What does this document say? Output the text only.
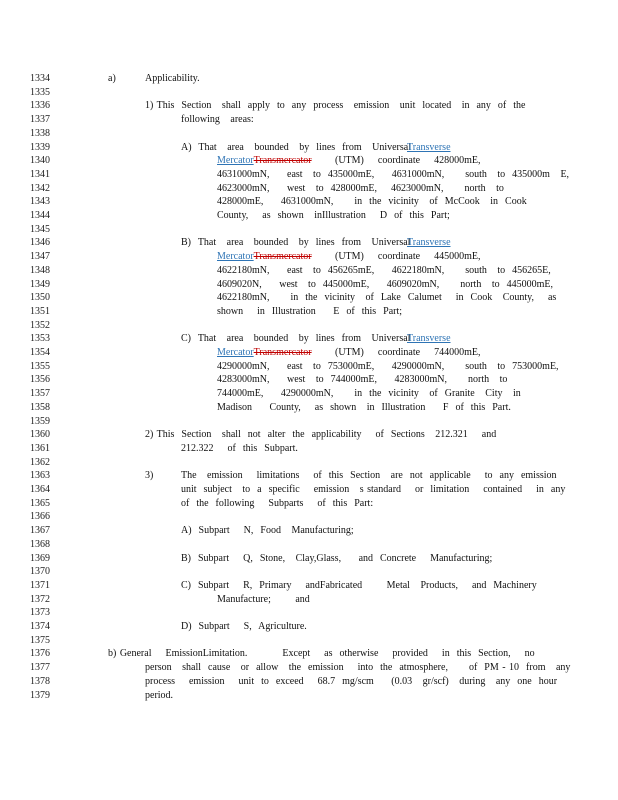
1334
1335
1336
1337
1338
1339
1340
1341
1342
1343
1344
1345
1346
1347
1348
1349
1350
1351
1352
1353
1354
1355
1356
1357
1358
1359
1360
1361
1362
1363
1364
1365
1366
1367
1368
1369
1370
1371
1372
1373
1374
1375
1376
1377
1378
1379
a)	Applicability.
1) This  Section   shall  apply  to  any  process   emission   unit  located   in  any  of  the
following   areas:
A)  That   area   bounded   by  lines  from   Universal
Transverse
MercatorTransmercator (UTM)    coordinate    428000mE,
4631000mN,     east   to  435000mE,     4631000mN,      south   to  435000m   E,
4623000mN,     west   to  428000mE,    4623000mN,      north   to
428000mE,     4631000mN,      in  the  vicinity   of  McCook   in  Cook
County,    as  shown   inIllustration    D  of  this  Part;
B)  That   area   bounded   by  lines  from   Universal
Transverse
MercatorTransmercator (UTM)    coordinate    445000mE,
4622180mN,     east   to  456265mE,     4622180mN,      south   to  456265E,
4609020N,     west   to  445000mE,     4609020mN,      north   to  445000mE,
4622180mN,      in  the  vicinity   of  Lake  Calumet    in  Cook   County,    as
shown    in  Illustration     E  of  this  Part;
C)  That   area   bounded   by  lines  from   Universal
Transverse
MercatorTransmercator (UTM)    coordinate    744000mE,
4290000mN,     east   to  753000mE,     4290000mN,      south   to  753000mE,
4283000mN,     west   to  744000mE,     4283000mN,      north   to
744000mE,     4290000mN,      in  the  vicinity   of  Granite   City   in
Madison     County,    as  shown   in  Illustration     F  of  this  Part.
2) This  Section   shall  not  alter  the  applicability    of  Sections   212.321    and
212.322    of  this  Subpart.
3)	The   emission    limitations    of  this  Section   are  not  applicable    to  any  emission
unit  subject   to  a  specific    emission   s standard    or  limitation    contained    in  any
of  the  following    Subparts    of  this  Part:
A)  Subpart    N,  Food   Manufacturing;
B)  Subpart    Q,  Stone,   Clay,Glass,     and  Concrete    Manufacturing;
C)  Subpart    R,  Primary    andFabricated       Metal   Products,    and  Machinery
Manufacture;       and
D)  Subpart    S,  Agriculture.
b) General    EmissionLimitation.          Except    as  otherwise    provided    in  this  Section,    no
person   shall  cause   or  allow   the  emission    into  the  atmosphere,      of  PM - 10  from   any
process    emission    unit  to  exceed    68.7  mg/scm     (0.03   gr/scf)   during   any  one  hour
period.
